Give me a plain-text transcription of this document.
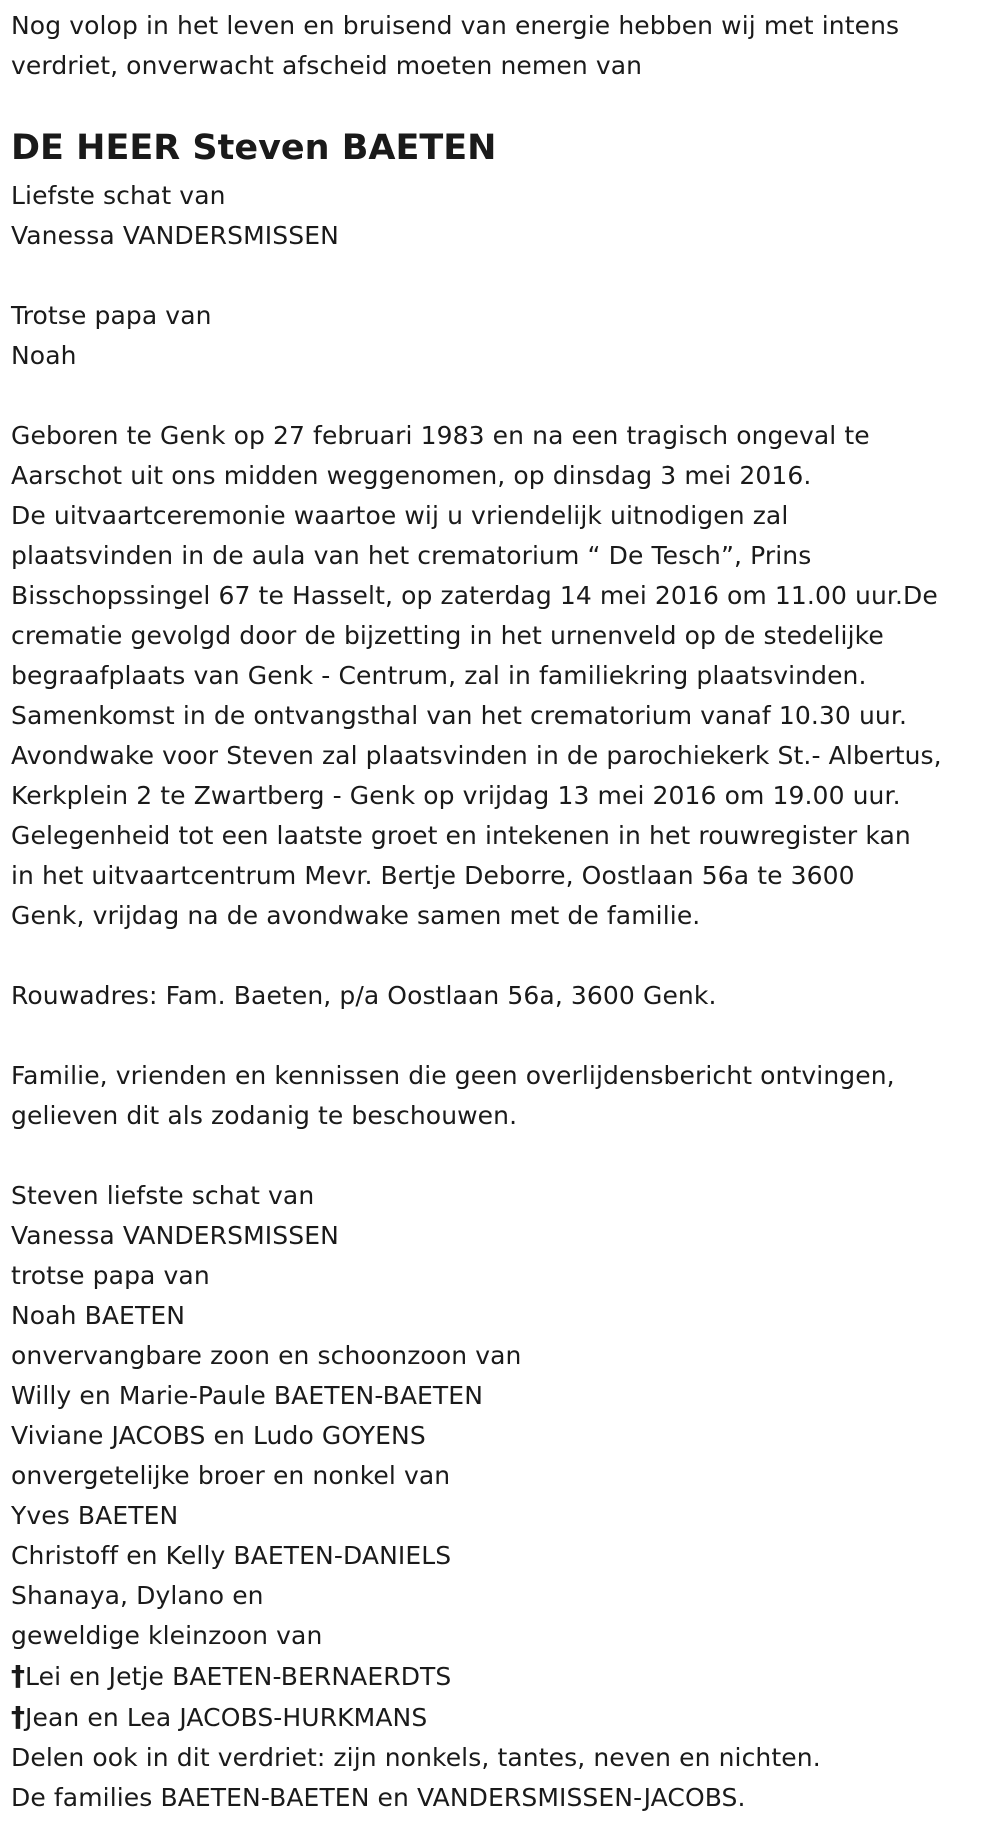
Nog volop in het leven en bruisend van energie hebben wij met intens
verdriet, onverwacht afscheid moeten nemen van
DE HEER Steven BAETEN
Liefste schat van
Vanessa VANDERSMISSEN
Trotse papa van
Noah
Geboren te Genk op 27 februari 1983 en na een tragisch ongeval te
Aarschot uit ons midden weggenomen, op dinsdag 3 mei 2016.
De uitvaartceremonie waartoe wij u vriendelijk uitnodigen zal
plaatsvinden in de aula van het crematorium “ De Tesch”, Prins
Bisschopssingel 67 te Hasselt, op zaterdag 14 mei 2016 om 11.00 uur.De
crematie gevolgd door de bijzetting in het urnenveld op de stedelijke
begraafplaats van Genk - Centrum, zal in familiekring plaatsvinden.
Samenkomst in de ontvangsthal van het crematorium vanaf 10.30 uur.
Avondwake voor Steven zal plaatsvinden in de parochiekerk St.- Albertus,
Kerkplein 2 te Zwartberg - Genk op vrijdag 13 mei 2016 om 19.00 uur.
Gelegenheid tot een laatste groet en intekenen in het rouwregister kan
in het uitvaartcentrum Mevr. Bertje Deborre, Oostlaan 56a te 3600
Genk, vrijdag na de avondwake samen met de familie.
Rouwadres: Fam. Baeten, p/a Oostlaan 56a, 3600 Genk.
Familie, vrienden en kennissen die geen overlijdensbericht ontvingen,
gelieven dit als zodanig te beschouwen.
Steven liefste schat van
Vanessa VANDERSMISSEN
trotse papa van
Noah BAETEN
onvervangbare zoon en schoonzoon van
Willy en Marie-Paule BAETEN-BAETEN
Viviane JACOBS en Ludo GOYENS
onvergetelijke broer en nonkel van
Yves BAETEN
Christoff en Kelly BAETEN-DANIELS
Shanaya, Dylano en
geweldige kleinzoon van
†Lei en Jetje BAETEN-BERNAERDTS
†Jean en Lea JACOBS-HURKMANS
Delen ook in dit verdriet: zijn nonkels, tantes, neven en nichten.
De families BAETEN-BAETEN en VANDERSMISSEN-JACOBS.
